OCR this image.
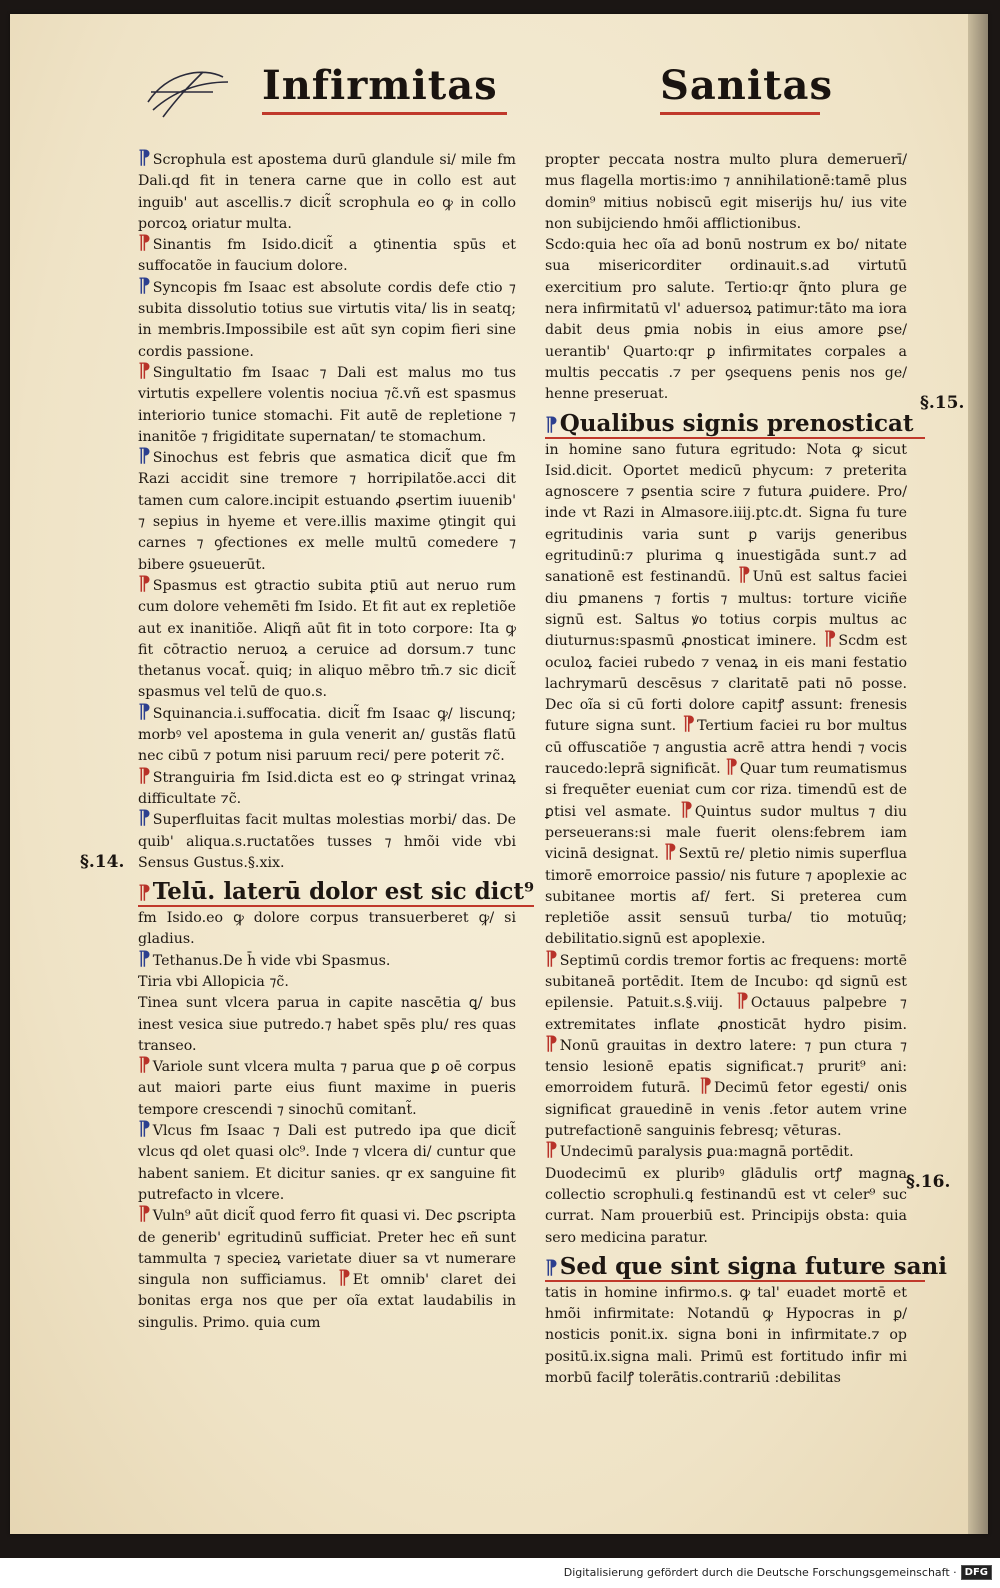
Infirmitas	Sanitas
§.14.
§.15.
§.16.

⁋ Scrophula est apostema durū glandule si/ mile fm Dali.qd fit in tenera carne que in collo est aut inguib' aut ascellis.⁊ dicit̃ scrophula eo ꝙ in collo porcoꝝ oriatur multa.

⁋ Sinantis fm Isido.dicit̃ a ꝯtinentia spūs et suffocatõe in faucium dolore.

⁋ Syncopis fm Isaac est absolute cordis defe ctio ⁊ subita dissolutio totius sue virtutis vita/ lis in seatq; in membris.Impossibile est aūt syn copim fieri sine cordis passione.

⁋ Singultatio fm Isaac ⁊ Dali est malus mo tus virtutis expellere volentis nociua ⁊c̃.vñ est spasmus interiorio tunice stomachi. Fit autē de repletione ⁊ inanitõe ⁊ frigiditate supernatan/ te stomachum.

⁋ Sinochus est febris que asmatica dicit̃ que fm Razi accidit sine tremore ⁊ horripilatõe.acci dit tamen cum calore.incipit estuando ꝓsertim iuuenib' ⁊ sepius in hyeme et vere.illis maxime ꝯtingit qui carnes ⁊ ꝯfectiones ex melle multū comedere ⁊ bibere ꝯsueuerūt.

⁋ Spasmus est ꝯtractio subita ꝑtiū aut neruo rum cum dolore vehemēti fm Isido. Et fit aut ex repletiõe aut ex inanitiõe. Aliqñ aūt fit in toto corpore: Ita ꝙ fit cōtractio neruoꝝ a ceruice ad dorsum.⁊ tunc thetanus vocat̃. quiq; in aliquo mēbro tm̄.⁊ sic dicit̃ spasmus vel telū de quo.s.

⁋ Squinancia.i.suffocatia. dicit̃ fm Isaac ꝙ/ liscunq; morbꝰ vel apostema in gula venerit an/ gustãs flatū nec cibū ⁊ potum nisi paruum reci/ pere poterit ⁊c̃.

⁋ Stranguiria fm Isid.dicta est eo ꝙ stringat vrinaꝝ difficultate ⁊c̃.

⁋ Superfluitas facit multas molestias morbi/ das. De quib' aliqua.s.ructatões tusses ⁊ hmõi vide vbi Sensus Gustus.§.xix.

⁋Telū. laterū dolor est sic dict⁹

fm Isido.eo ꝙ dolore corpus transuerberet ꝙ/ si gladius.

⁋ Tethanus.De h̄ vide vbi Spasmus.

Tiria vbi Allopicia ⁊c̃.

Tinea sunt vlcera parua in capite nascētia ꝗ/ bus inest vesica siue putredo.⁊ habet spēs plu/ res quas transeo.

⁋ Variole sunt vlcera multa ⁊ parua que ꝑ oē corpus aut maiori parte eius fiunt maxime in pueris tempore crescendi ⁊ sinochū comitant̃.

⁋ Vlcus fm Isaac ⁊ Dali est putredo ipa que dicit̃ vlcus qd olet quasi olc⁹. Inde ⁊ vlcera di/ cuntur que habent saniem. Et dicitur sanies. qr ex sanguine fit putrefacto in vlcere.

⁋ Vuln⁹ aūt dicit̃ quod ferro fit quasi vi. Dec ꝑscripta de generib' egritudinū sufficiat. Preter hec eñ sunt tammulta ⁊ specieꝝ varietate diuer sa vt numerare singula non sufficiamus. ⁋ Et omnib' claret dei bonitas erga nos que per oĩa extat laudabilis in singulis. Primo. quia cum

propter peccata nostra multo plura demeruerī/ mus flagella mortis:imo ⁊ annihilationē:tamē plus domin⁹ mitius nobiscū egit miserijs hu/ ius vite non subijciendo hmõi afflictionibus.

Scdo:quia hec oĩa ad bonū nostrum ex bo/ nitate sua misericorditer ordinauit.s.ad virtutū exercitium pro salute. Tertio:qr q̃nto plura ge nera infirmitatū vl' aduersoꝝ patimur:tāto ma iora dabit deus ꝑmia nobis in eius amore ꝑse/ uerantib' Quarto:qr ꝑ infirmitates corpales a multis peccatis .⁊ per ꝯsequens penis nos ge/ henne preseruat.

⁋Qualibus signis prenosticat

in homine sano futura egritudo: Nota ꝙ sicut Isid.dicit. Oportet medicū phycum: ⁊ preterita agnoscere ⁊ ꝑsentia scire ⁊ futura ꝓuidere. Pro/ inde vt Razi in Almasore.iiij.ptc.dt. Signa fu ture egritudinis varia sunt ꝑ varijs generibus egritudinū:⁊ plurima ꝗ inuestigāda sunt.⁊ ad sanationē est festinandū. ⁋ Unū est saltus faciei diu ꝑmanens ⁊ fortis ⁊ multus: torture viciñe signū est. Saltus ꝟo totius corpis multus ac diuturnus:spasmū ꝓnosticat iminere. ⁋ Scdm est oculoꝝ faciei rubedo ⁊ venaꝝ in eis mani festatio lachrymarū descēsus ⁊ claritatē pati nō posse. Dec oĩa si cū forti dolore capitꝭ assunt: frenesis future signa sunt. ⁋ Tertium faciei ru bor multus cū offuscatiõe ⁊ angustia acrē attra hendi ⁊ vocis raucedo:leprā significāt. ⁋ Quar tum reumatismus si frequēter eueniat cum cor riza. timendū est de ꝑtisi vel asmate. ⁋ Quintus sudor multus ⁊ diu perseuerans:si male fuerit olens:febrem iam vicinā designat. ⁋ Sextū re/ pletio nimis superflua timorē emorroice passio/ nis future ⁊ apoplexie ac subitanee mortis af/ fert. Si preterea cum repletiõe assit sensuū turba/ tio motuūq; debilitatio.signū est apoplexie.

⁋ Septimū cordis tremor fortis ac frequens: mortē subitaneā portēdit. Item de Incubo: qd signū est epilensie. Patuit.s.§.viij. ⁋ Octauus palpebre ⁊ extremitates inflate ꝓnosticāt hydro pisim. ⁋ Nonū grauitas in dextro latere: ⁊ pun ctura ⁊ tensio lesionē epatis significat.⁊ prurit⁹ ani: emorroidem futurā. ⁋ Decimū fetor egesti/ onis significat grauedinē in venis .fetor autem vrine putrefactionē sanguinis febresq; vēturas.

⁋ Undecimū paralysis ꝑua:magnā portēdit.

Duodecimū ex pluribꝰ glādulis ortꝭ magna collectio scrophuli.ꝗ festinandū est vt celer⁹ suc currat. Nam prouerbiū est. Principijs obsta: quia sero medicina paratur.

⁋Sed que sint signa future sani

tatis in homine infirmo.s. ꝙ tal' euadet mortē et hmõi infirmitate: Notandū ꝙ Hypocras in ꝑ/ nosticis ponit.ix. signa boni in infirmitate.⁊ op positū.ix.signa mali. Primū est fortitudo infir mi morbū facilꝭ tolerātis.contrariū :debilitas

Digitalisierung gefördert durch die Deutsche Forschungsgemeinschaft · DFG
